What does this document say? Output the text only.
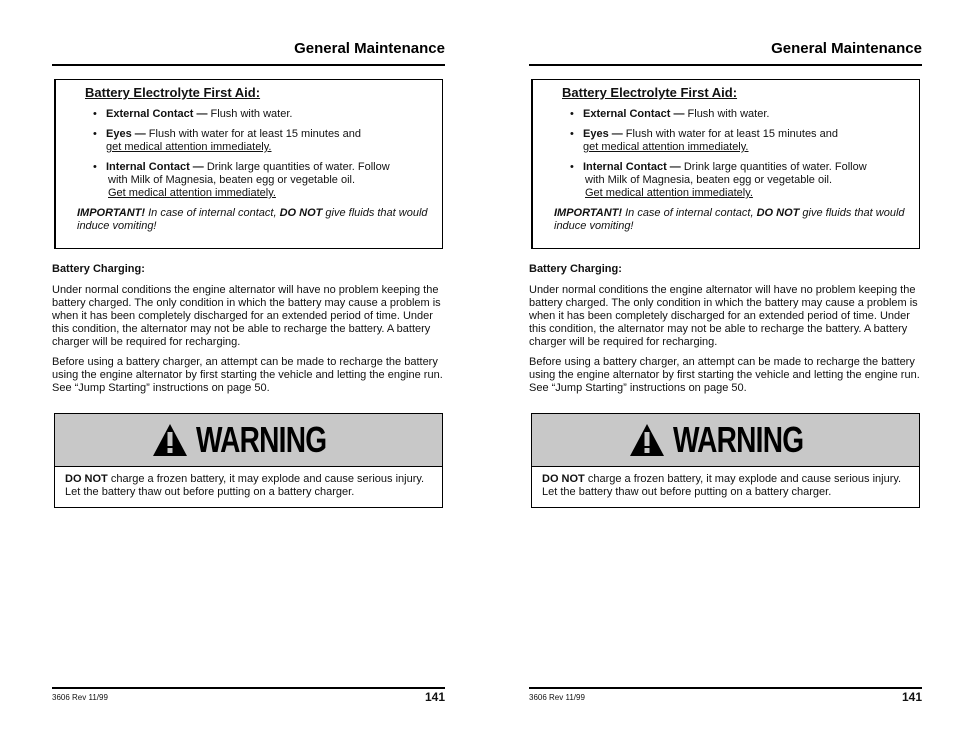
General Maintenance
Battery Electrolyte First Aid:
• External Contact — Flush with water.
• Eyes — Flush with water for at least 15 minutes and
get medical attention immediately.
• Internal Contact — Drink large quantities of water. Follow
with Milk of Magnesia, beaten egg or vegetable oil.
Get medical attention immediately.
IMPORTANT! In case of internal contact, DO NOT give fluids that would induce vomiting!
Battery Charging:
Under normal conditions the engine alternator will have no problem keeping the battery charged. The only condition in which the battery may cause a problem is when it has been completely discharged for an extended period of time. Under this condition, the alternator may not be able to recharge the battery. A battery charger will be required for recharging.
Before using a battery charger, an attempt can be made to recharge the battery using the engine alternator by first starting the vehicle and letting the engine run. See “Jump Starting” instructions on page 50.
WARNING
DO NOT charge a frozen battery, it may explode and cause serious injury. Let the battery thaw out before putting on a battery charger.
3606 Rev 11/99	141
General Maintenance
Battery Electrolyte First Aid:
• External Contact — Flush with water.
• Eyes — Flush with water for at least 15 minutes and
get medical attention immediately.
• Internal Contact — Drink large quantities of water. Follow
with Milk of Magnesia, beaten egg or vegetable oil.
Get medical attention immediately.
IMPORTANT! In case of internal contact, DO NOT give fluids that would induce vomiting!
Battery Charging:
Under normal conditions the engine alternator will have no problem keeping the battery charged. The only condition in which the battery may cause a problem is when it has been completely discharged for an extended period of time. Under this condition, the alternator may not be able to recharge the battery. A battery charger will be required for recharging.
Before using a battery charger, an attempt can be made to recharge the battery using the engine alternator by first starting the vehicle and letting the engine run. See “Jump Starting” instructions on page 50.
WARNING
DO NOT charge a frozen battery, it may explode and cause serious injury. Let the battery thaw out before putting on a battery charger.
3606 Rev 11/99	141
